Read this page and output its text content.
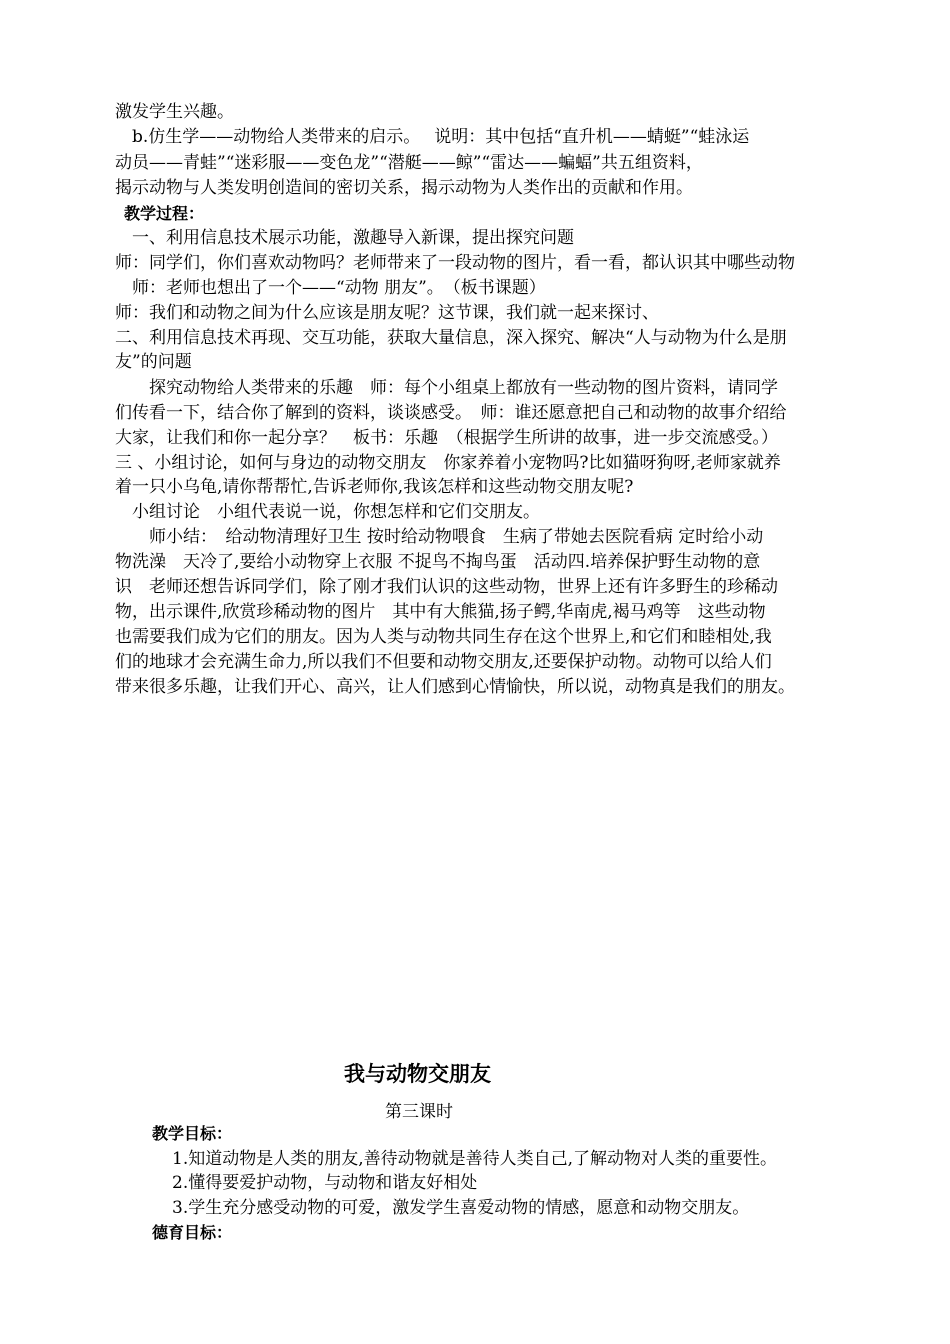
激发学生兴趣。
　b.仿生学——动物给人类带来的启示。　 说明：其中包括“直升机——蜻蜓”“蛙泳运
动员——青蛙”“迷彩服——变色龙”“潜艇——鲸”“雷达——蝙蝠”共五组资料，
揭示动物与人类发明创造间的密切关系，揭示动物为人类作出的贡献和作用。
教学过程：
　一、利用信息技术展示功能，激趣导入新课，提出探究问题
师：同学们，你们喜欢动物吗？老师带来了一段动物的图片，看一看，都认识其中哪些动物
　师：老师也想出了一个——“动物 朋友”。　（板书课题）
师：我们和动物之间为什么应该是朋友呢？这节课，我们就一起来探讨、
二、利用信息技术再现、交互功能，获取大量信息，深入探究、解决“人与动物为什么是朋
友”的问题
　　探究动物给人类带来的乐趣　师：每个小组桌上都放有一些动物的图片资料，请同学
们传看一下，结合你了解到的资料，谈谈感受。　师：谁还愿意把自己和动物的故事介绍给
大家，让我们和你一起分享？　板书：乐趣　（根据学生所讲的故事，进一步交流感受。）
三 、小组讨论，如何与身边的动物交朋友　你家养着小宠物吗?比如猫呀狗呀,老师家就养
着一只小乌龟,请你帮帮忙,告诉老师你,我该怎样和这些动物交朋友呢?
　小组讨论　小组代表说一说，你想怎样和它们交朋友。
　　师小结：　给动物清理好卫生 按时给动物喂食　生病了带她去医院看病 定时给小动
物洗澡　天冷了,要给小动物穿上衣服 不捉鸟不掏鸟蛋　活动四.培养保护野生动物的意
识　老师还想告诉同学们，除了刚才我们认识的这些动物，世界上还有许多野生的珍稀动
物，出示课件,欣赏珍稀动物的图片　其中有大熊猫,扬子鳄,华南虎,褐马鸡等　这些动物
也需要我们成为它们的朋友。因为人类与动物共同生存在这个世界上,和它们和睦相处,我
们的地球才会充满生命力,所以我们不但要和动物交朋友,还要保护动物。动物可以给人们
带来很多乐趣，让我们开心、高兴，让人们感到心情愉快，所以说，动物真是我们的朋友。
我与动物交朋友
第三课时
教学目标：
1.知道动物是人类的朋友,善待动物就是善待人类自己,了解动物对人类的重要性。
2.懂得要爱护动物，与动物和谐友好相处
3.学生充分感受动物的可爱，激发学生喜爱动物的情感，愿意和动物交朋友。
德育目标：
